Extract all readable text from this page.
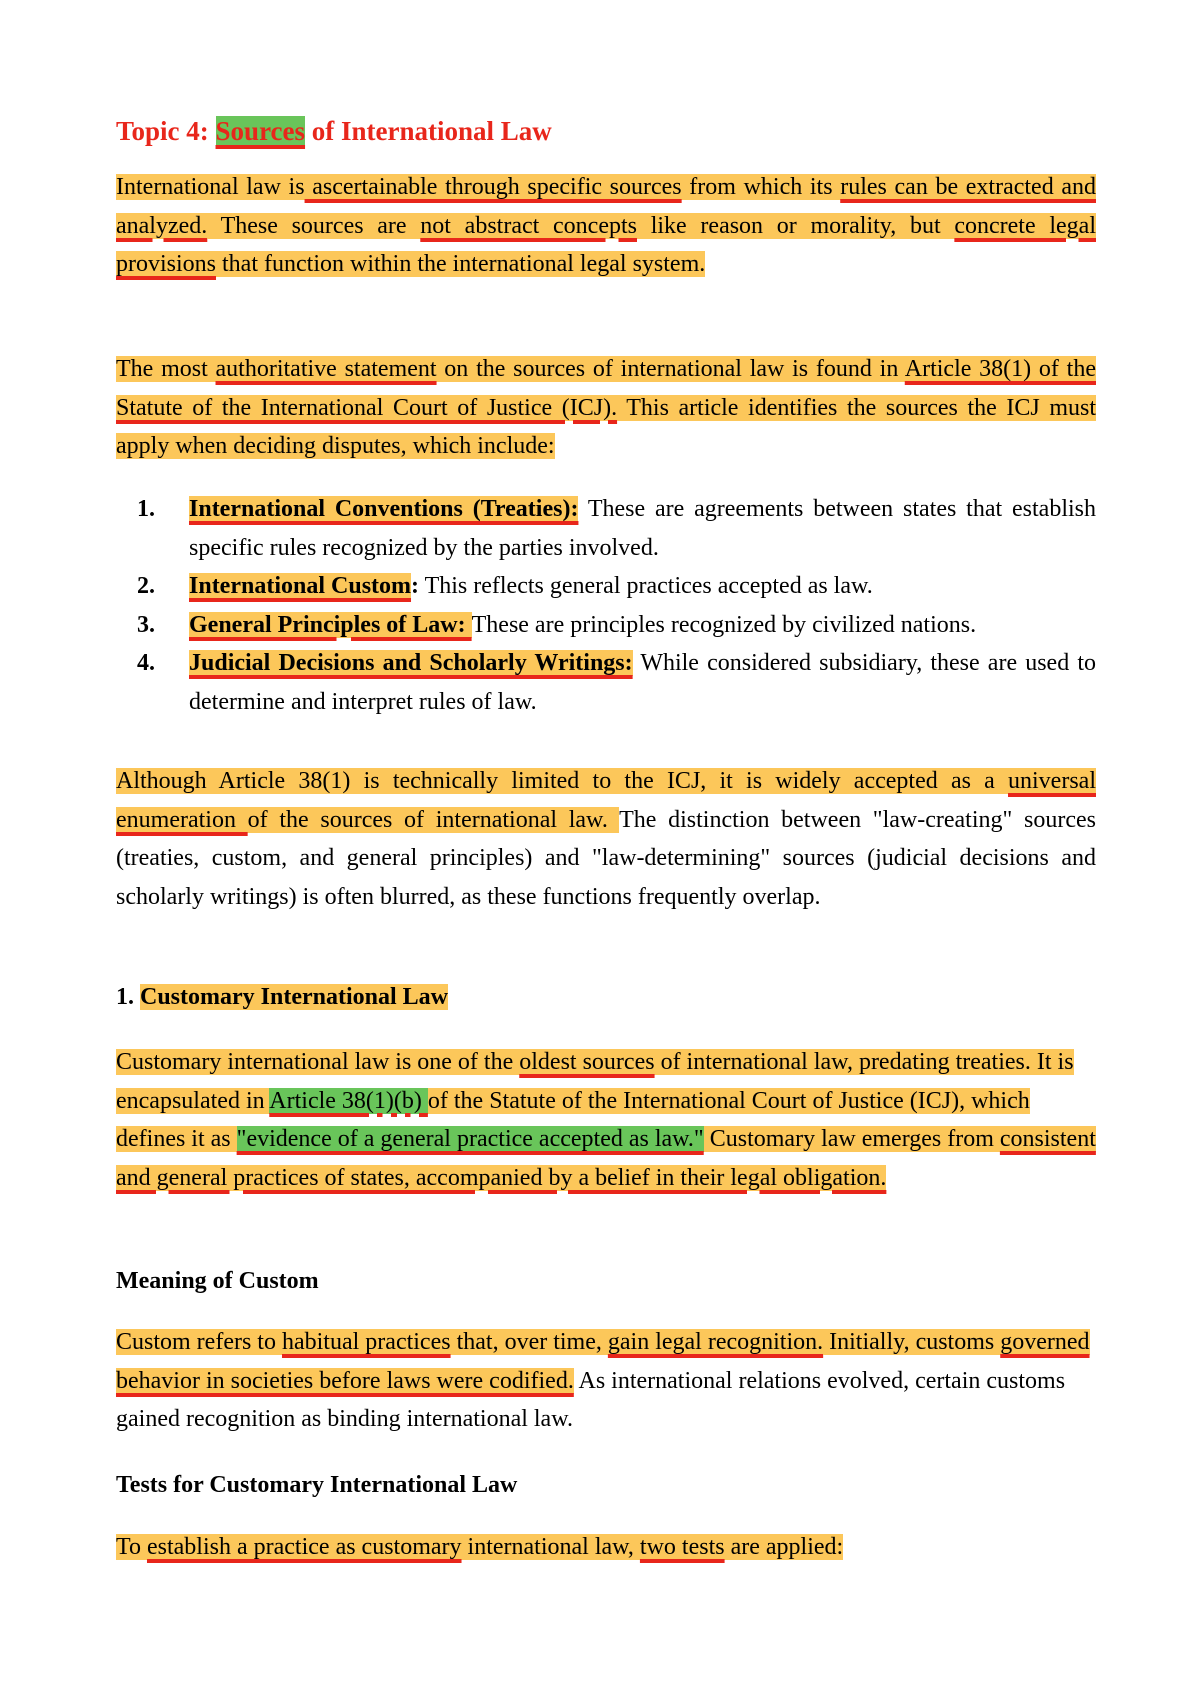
Topic 4: Sources of International Law

International law is ascertainable through specific sources from which its rules can be extracted and analyzed. These sources are not abstract concepts like reason or morality, but concrete legal provisions that function within the international legal system.

The most authoritative statement on the sources of international law is found in Article 38(1) of the Statute of the International Court of Justice (ICJ). This article identifies the sources the ICJ must apply when deciding disputes, which include:

1. International Conventions (Treaties): These are agreements between states that establish specific rules recognized by the parties involved.
2. International Custom: This reflects general practices accepted as law.
3. General Principles of Law: These are principles recognized by civilized nations.
4. Judicial Decisions and Scholarly Writings: While considered subsidiary, these are used to determine and interpret rules of law.

Although Article 38(1) is technically limited to the ICJ, it is widely accepted as a universal enumeration of the sources of international law. The distinction between "law-creating" sources (treaties, custom, and general principles) and "law-determining" sources (judicial decisions and scholarly writings) is often blurred, as these functions frequently overlap.

1. Customary International Law

Customary international law is one of the oldest sources of international law, predating treaties. It is encapsulated in Article 38(1)(b) of the Statute of the International Court of Justice (ICJ), which defines it as "evidence of a general practice accepted as law." Customary law emerges from consistent and general practices of states, accompanied by a belief in their legal obligation.

Meaning of Custom

Custom refers to habitual practices that, over time, gain legal recognition. Initially, customs governed behavior in societies before laws were codified. As international relations evolved, certain customs gained recognition as binding international law.

Tests for Customary International Law

To establish a practice as customary international law, two tests are applied:
